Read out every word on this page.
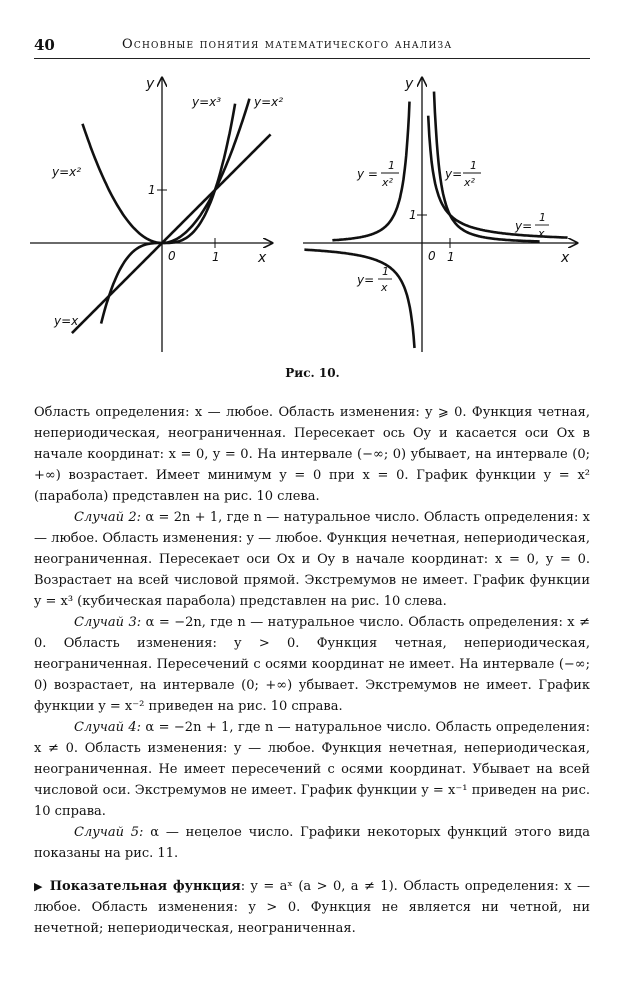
40	Основные понятия математического анализа
y
x
0	1
1
y=x³	y=x²
y=x²
y=x
y
x
0 1
1
y =
1
x²
y=
1
x²
y=
1
x
y=
1
x
Рис. 10.

Область определения: x — любое. Область изменения: y ⩾ 0. Функция четная, непериодическая, неограниченная. Пересекает ось Oy и касается оси Ox в начале координат: x = 0, y = 0. На интервале (−∞; 0) убывает, на интервале (0; +∞) возрастает. Имеет минимум y = 0 при x = 0. График функции y = x² (парабола) представлен на рис. 10 слева.

Случай 2: α = 2n + 1, где n — натуральное число. Область определения: x — любое. Область изменения: y — любое. Функция нечетная, непериодическая, неограниченная. Пересекает оси Ox и Oy в начале координат: x = 0, y = 0. Возрастает на всей числовой прямой. Экстремумов не имеет. График функции y = x³ (кубическая парабола) представлен на рис. 10 слева.

Случай 3: α = −2n, где n — натуральное число. Область определения: x ≠ 0. Область изменения: y > 0. Функция четная, непериодическая, неограниченная. Пересечений с осями координат не имеет. На интервале (−∞; 0) возрастает, на интервале (0; +∞) убывает. Экстремумов не имеет. График функции y = x⁻² приведен на рис. 10 справа.

Случай 4: α = −2n + 1, где n — натуральное число. Область определения: x ≠ 0. Область изменения: y — любое. Функция нечетная, непериодическая, неограниченная. Не имеет пересечений с осями координат. Убывает на всей числовой оси. Экстремумов не имеет. График функции y = x⁻¹ приведен на рис. 10 справа.

Случай 5: α — нецелое число. Графики некоторых функций этого вида показаны на рис. 11.

▶ Показательная функция: y = aˣ (a > 0, a ≠ 1). Область определения: x — любое. Область изменения: y > 0. Функция не является ни четной, ни нечетной; непериодическая, неограниченная.
